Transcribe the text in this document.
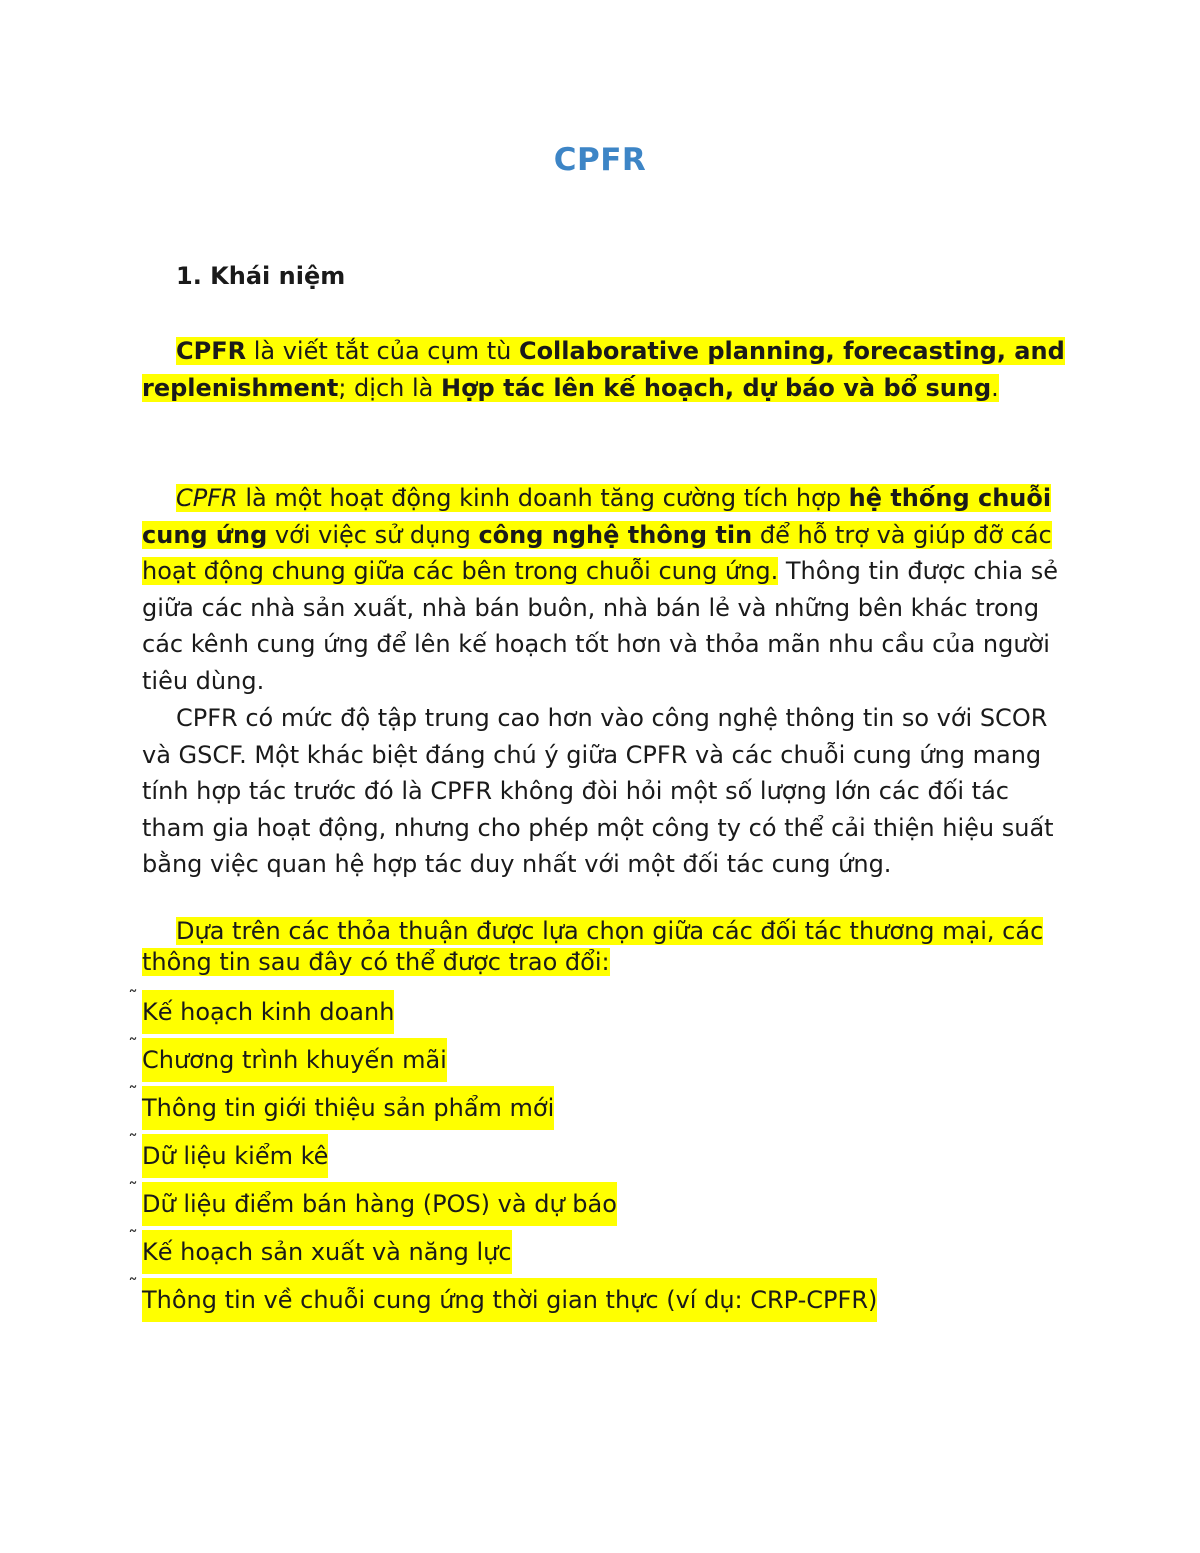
CPFR
1. Khái niệm
CPFR là viết tắt của cụm tù Collaborative planning, forecasting, and replenishment; dịch là Hợp tác lên kế hoạch, dự báo và bổ sung.
CPFR là một hoạt động kinh doanh tăng cường tích hợp hệ thống chuỗi cung ứng với việc sử dụng công nghệ thông tin để hỗ trợ và giúp đỡ các hoạt động chung giữa các bên trong chuỗi cung ứng. Thông tin được chia sẻ giữa các nhà sản xuất, nhà bán buôn, nhà bán lẻ và những bên khác trong các kênh cung ứng để lên kế hoạch tốt hơn và thỏa mãn nhu cầu của người tiêu dùng.
CPFR có mức độ tập trung cao hơn vào công nghệ thông tin so với SCOR và GSCF. Một khác biệt đáng chú ý giữa CPFR và các chuỗi cung ứng mang tính hợp tác trước đó là CPFR không đòi hỏi một số lượng lớn các đối tác tham gia hoạt động, nhưng cho phép một công ty có thể cải thiện hiệu suất bằng việc quan hệ hợp tác duy nhất với một đối tác cung ứng.
Dựa trên các thỏa thuận được lựa chọn giữa các đối tác thương mại, các thông tin sau đây có thể được trao đổi:
˜ Kế hoạch kinh doanh
˜ Chương trình khuyến mãi
˜ Thông tin giới thiệu sản phẩm mới
˜ Dữ liệu kiểm kê
˜ Dữ liệu điểm bán hàng (POS) và dự báo
˜ Kế hoạch sản xuất và năng lực
˜ Thông tin về chuỗi cung ứng thời gian thực (ví dụ: CRP-CPFR)
